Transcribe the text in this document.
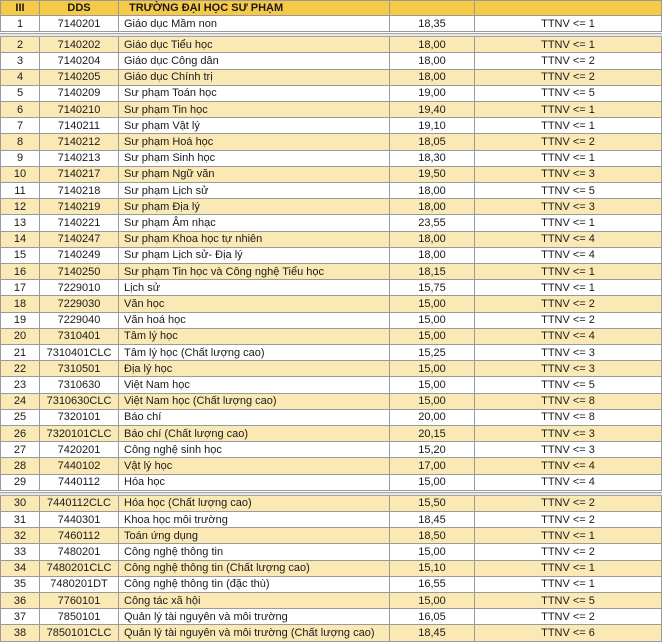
III	DDS	TRƯỜNG ĐẠI HỌC SƯ PHẠM
1	7140201	Giáo dục Mầm non	18,35	TTNV <= 1
2	7140202	Giáo dục Tiểu học	18,00	TTNV <= 1
3	7140204	Giáo dục Công dân	18,00	TTNV <= 2
4	7140205	Giáo dục Chính trị	18,00	TTNV <= 2
5	7140209	Sư phạm Toán học	19,00	TTNV <= 5
6	7140210	Sư phạm Tin học	19,40	TTNV <= 1
7	7140211	Sư phạm Vật lý	19,10	TTNV <= 1
8	7140212	Sư phạm Hoá học	18,05	TTNV <= 2
9	7140213	Sư phạm Sinh học	18,30	TTNV <= 1
10	7140217	Sư phạm Ngữ văn	19,50	TTNV <= 3
11	7140218	Sư phạm Lịch sử	18,00	TTNV <= 5
12	7140219	Sư phạm Địa lý	18,00	TTNV <= 3
13	7140221	Sư phạm Âm nhạc	23,55	TTNV <= 1
14	7140247	Sư phạm Khoa học tự nhiên	18,00	TTNV <= 4
15	7140249	Sư phạm Lịch sử- Địa lý	18,00	TTNV <= 4
16	7140250	Sư phạm Tin học và Công nghệ Tiểu học	18,15	TTNV <= 1
17	7229010	Lịch sử	15,75	TTNV <= 1
18	7229030	Văn học	15,00	TTNV <= 2
19	7229040	Văn hoá học	15,00	TTNV <= 2
20	7310401	Tâm lý học	15,00	TTNV <= 4
21	7310401CLC	Tâm lý học (Chất lượng cao)	15,25	TTNV <= 3
22	7310501	Địa lý học	15,00	TTNV <= 3
23	7310630	Việt Nam học	15,00	TTNV <= 5
24	7310630CLC	Việt Nam học (Chất lượng cao)	15,00	TTNV <= 8
25	7320101	Báo chí	20,00	TTNV <= 8
26	7320101CLC	Báo chí (Chất lượng cao)	20,15	TTNV <= 3
27	7420201	Công nghệ sinh học	15,20	TTNV <= 3
28	7440102	Vật lý học	17,00	TTNV <= 4
29	7440112	Hóa học	15,00	TTNV <= 4
30	7440112CLC	Hóa học (Chất lượng cao)	15,50	TTNV <= 2
31	7440301	Khoa học môi trường	18,45	TTNV <= 2
32	7460112	Toán ứng dụng	18,50	TTNV <= 1
33	7480201	Công nghệ thông tin	15,00	TTNV <= 2
34	7480201CLC	Công nghệ thông tin (Chất lượng cao)	15,10	TTNV <= 1
35	7480201DT	Công nghệ thông tin (đặc thù)	16,55	TTNV <= 1
36	7760101	Công tác xã hội	15,00	TTNV <= 5
37	7850101	Quản lý tài nguyên và môi trường	16,05	TTNV <= 2
38	7850101CLC	Quản lý tài nguyên và môi trường (Chất lượng cao)	18,45	TTNV <= 6
